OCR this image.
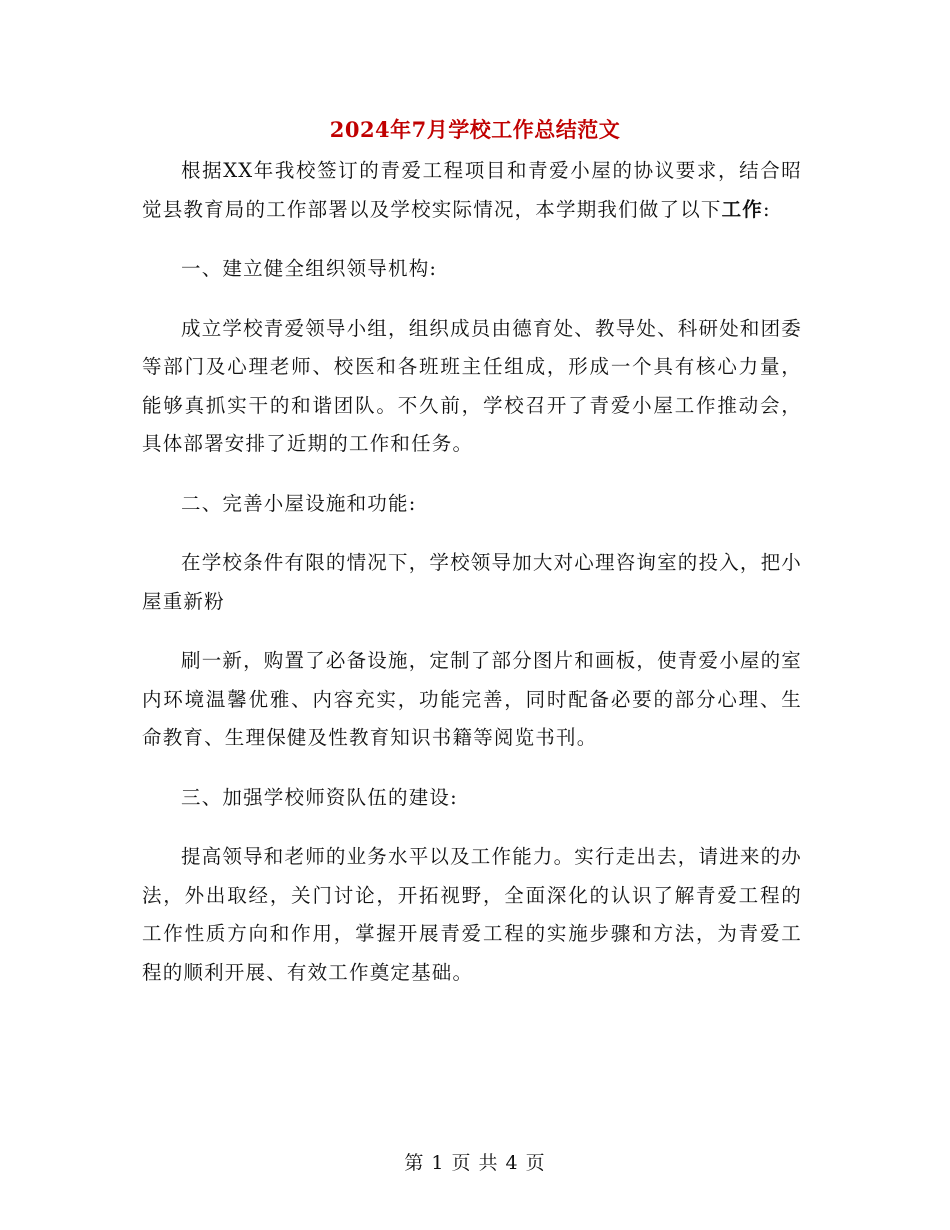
2024年7月学校工作总结范文

根据XX年我校签订的青爱工程项目和青爱小屋的协议要求，结合昭觉县教育局的工作部署以及学校实际情况，本学期我们做了以下工作:

一、建立健全组织领导机构:

成立学校青爱领导小组，组织成员由德育处、教导处、科研处和团委等部门及心理老师、校医和各班班主任组成，形成一个具有核心力量，能够真抓实干的和谐团队。不久前，学校召开了青爱小屋工作推动会，具体部署安排了近期的工作和任务。

二、完善小屋设施和功能:

在学校条件有限的情况下，学校领导加大对心理咨询室的投入，把小屋重新粉

刷一新，购置了必备设施，定制了部分图片和画板，使青爱小屋的室内环境温馨优雅、内容充实，功能完善，同时配备必要的部分心理、生命教育、生理保健及性教育知识书籍等阅览书刊。

三、加强学校师资队伍的建设:

提高领导和老师的业务水平以及工作能力。实行走出去，请进来的办法，外出取经，关门讨论，开拓视野，全面深化的认识了解青爱工程的工作性质方向和作用，掌握开展青爱工程的实施步骤和方法，为青爱工程的顺利开展、有效工作奠定基础。

第 1 页 共 4 页
